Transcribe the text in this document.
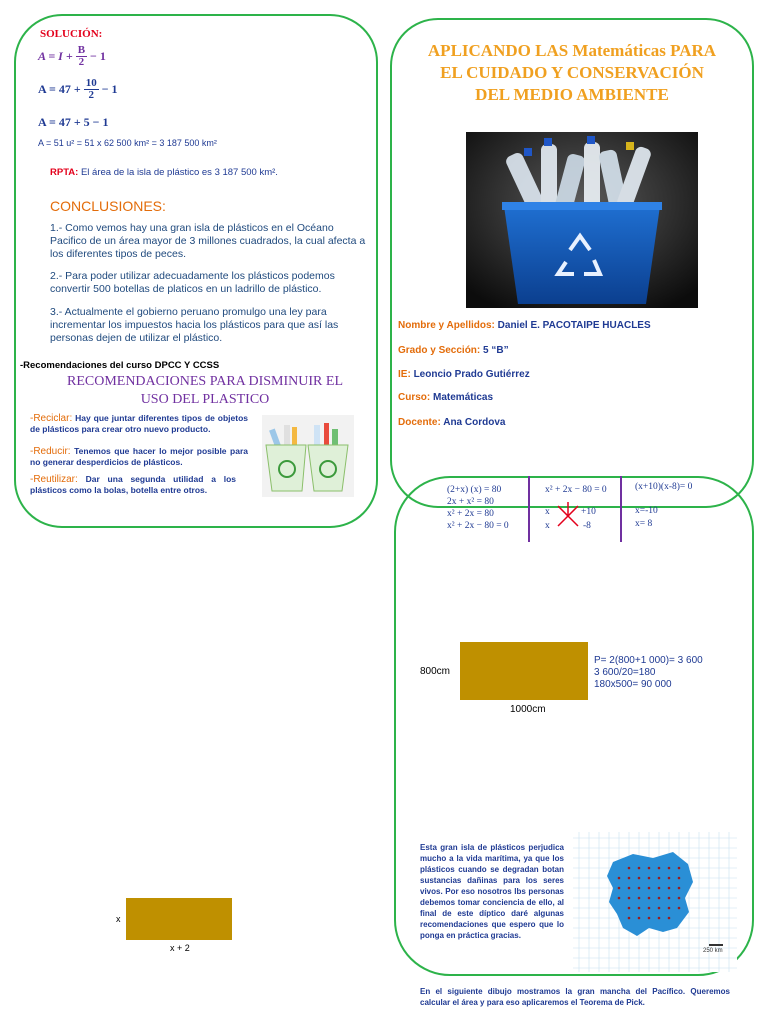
SOLUCIÓN:
$A = I + \frac{B}{2} - 1$
$A = 47 + \frac{10}{2} - 1$
A = 47 + 5 − 1
A = 51 u² = 51 x 62 500 km² = 3 187 500 km²
RPTA: El área de la isla de plástico es 3 187 500 km².
CONCLUSIONES:
1.- Como vemos hay una gran isla de plásticos en el Océano Pacifico de un área mayor de 3 millones cuadrados, la cual afecta a los diferentes tipos de peces.
2.- Para poder utilizar adecuadamente los plásticos podemos convertir 500 botellas de platicos en un ladrillo de plástico.
3.- Actualmente el gobierno peruano promulgo una ley para incrementar los impuestos hacia los plásticos para que así las personas dejen de utilizar el plástico.
-Recomendaciones del curso DPCC Y CCSS
RECOMENDACIONES PARA DISMINUIR EL
USO DEL PLASTICO
-Reciclar: Hay que juntar diferentes tipos de objetos de plásticos para crear otro nuevo producto.
-Reducir: Tenemos que hacer lo mejor posible para no generar desperdicios de plásticos.
-Reutilizar: Dar una segunda utilidad a los plásticos como la bolas, botella entre otros.
APLICANDO LAS Matemáticas PARA
EL CUIDADO Y CONSERVACIÓN
DEL MEDIO AMBIENTE
Nombre y Apellidos: Daniel E. PACOTAIPE HUACLES
Grado y Sección: 5 “B”
IE: Leoncio Prado Gutiérrez
Curso: Matemáticas
Docente: Ana Cordova
(2+x) (x) = 80
2x + x² = 80
x² + 2x = 80
x² + 2x − 80 = 0
x² + 2x − 80 = 0
x
x
+10
-8
(x+10)(x-8)= 0
x=-10
x= 8
800cm
1000cm
P= 2(800+1 000)= 3 600
3 600/20=180
180x500= 90 000
Esta gran isla de plásticos perjudica mucho a la vida marítima, ya que los plásticos cuando se degradan botan sustancias dañinas para los seres vivos. Por eso nosotros lbs personas debemos tomar conciencia de ello, al final de este díptico daré algunas recomendaciones que espero que lo ponga en práctica gracias.
250 km
En el siguiente dibujo mostramos la gran mancha del Pacífico. Queremos calcular el área y para eso aplicaremos el Teorema de Pick.
x
x + 2
